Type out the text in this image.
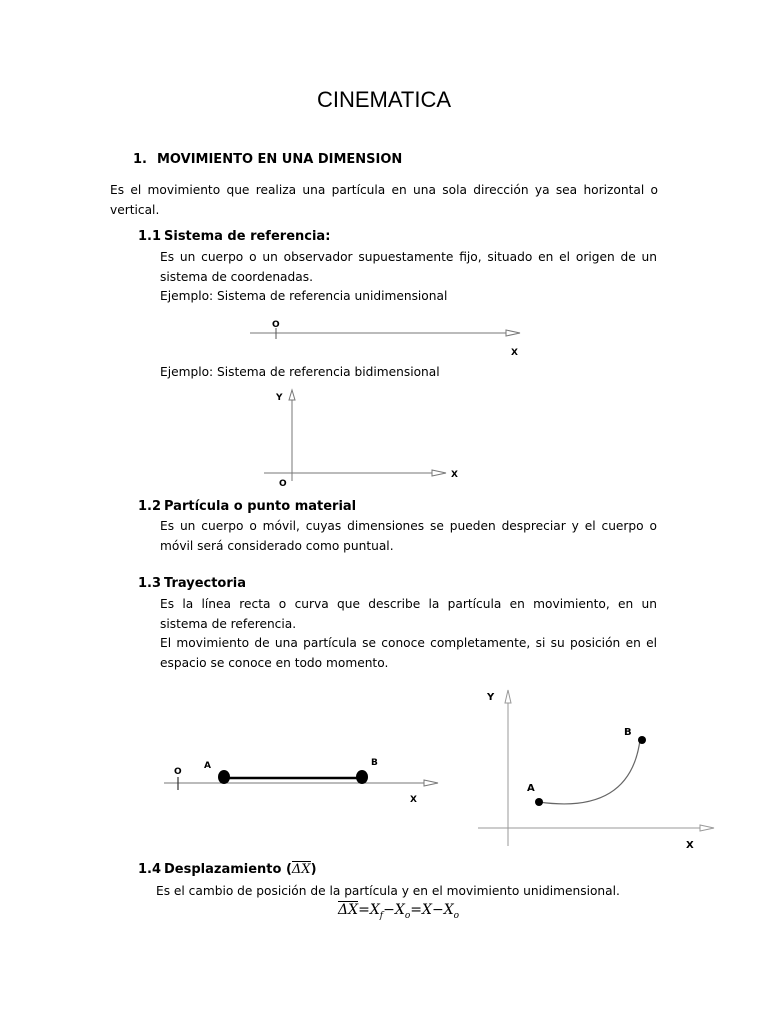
CINEMATICA
1. MOVIMIENTO EN UNA DIMENSION
Es el movimiento que realiza una partícula en una sola dirección ya sea horizontal o
vertical.
1.1 Sistema de referencia:
Es un cuerpo o un observador supuestamente fijo, situado en el origen de un
sistema de coordenadas.
Ejemplo: Sistema de referencia unidimensional
O
X
Ejemplo: Sistema de referencia bidimensional
Y
O
X
1.2 Partícula o punto material
Es un cuerpo o móvil, cuyas dimensiones se pueden despreciar y el cuerpo o
móvil será considerado como puntual.
1.3 Trayectoria
Es la línea recta o curva que describe la partícula en movimiento, en un
sistema de referencia.
El movimiento de una partícula se conoce completamente, si su posición en el
espacio se conoce en todo momento.
O
A	B
X
Y
A
B
X
1.4 Desplazamiento (ΔX)
Es el cambio de posición de la partícula y en el movimiento unidimensional.
$\Delta X=X_f-X_o=X-X_o$
